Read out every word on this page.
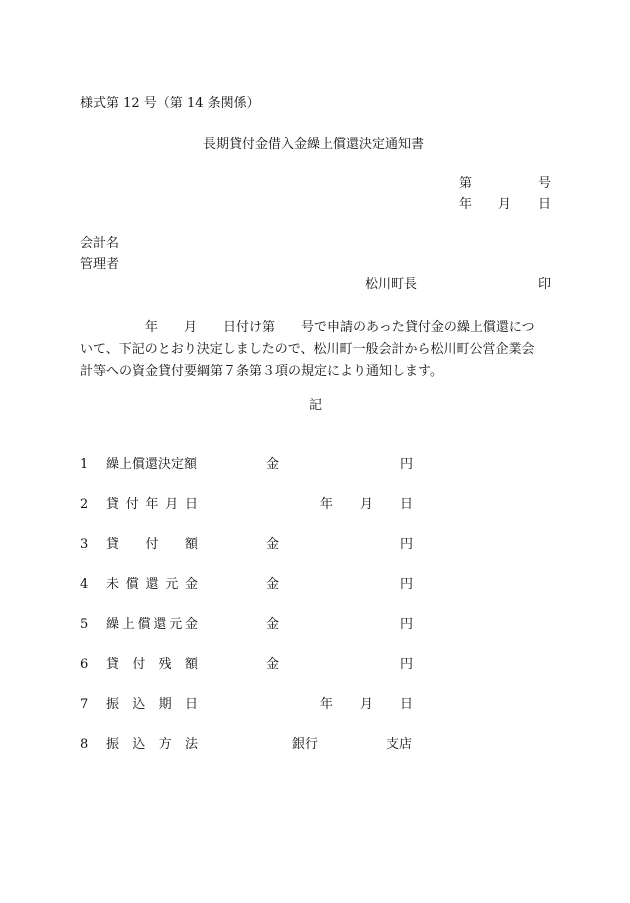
様式第 12 号（第 14 条関係）
長期貸付金借入金繰上償還決定通知書
第	号
年 月 日
会計名
管理者
松川町長	印
　　　　　年　　月　　日付け第　　号で申請のあった貸付金の繰上償還につ
いて、下記のとおり決定しましたので、松川町一般会計から松川町公営企業会
計等への資金貸付要綱第７条第３項の規定により通知します。
記
1 繰上償還決定額	金	円
2 貸 付 年 月 日	年 月 日
3 貸 付 額	金	円
4 未 償 還 元 金	金	円
5 繰 上 償 還 元 金	金	円
6 貸 付 残 額	金	円
7 振 込 期 日	年 月 日
8 振 込 方 法	銀行	支店
